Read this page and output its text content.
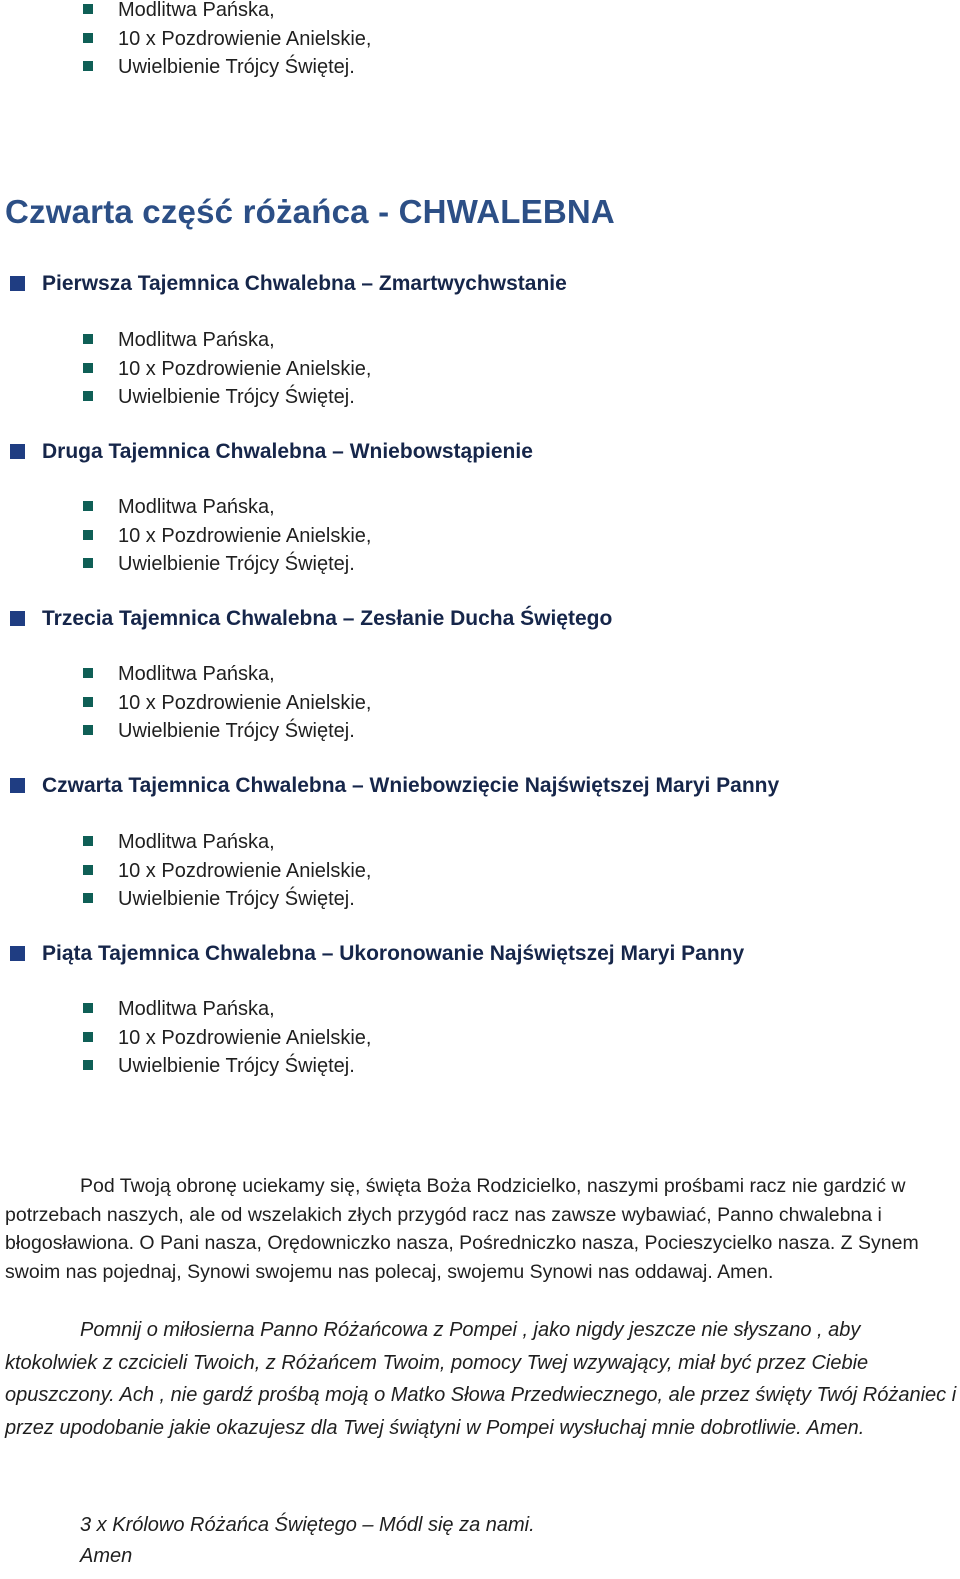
Modlitwa Pańska,
10 x Pozdrowienie Anielskie,
Uwielbienie Trójcy Świętej.
Czwarta część różańca - CHWALEBNA
Pierwsza Tajemnica Chwalebna – Zmartwychwstanie
Modlitwa Pańska,
10 x Pozdrowienie Anielskie,
Uwielbienie Trójcy Świętej.
Druga Tajemnica Chwalebna – Wniebowstąpienie
Modlitwa Pańska,
10 x Pozdrowienie Anielskie,
Uwielbienie Trójcy Świętej.
Trzecia Tajemnica Chwalebna – Zesłanie Ducha Świętego
Modlitwa Pańska,
10 x Pozdrowienie Anielskie,
Uwielbienie Trójcy Świętej.
Czwarta Tajemnica Chwalebna – Wniebowzięcie Najświętszej Maryi Panny
Modlitwa Pańska,
10 x Pozdrowienie Anielskie,
Uwielbienie Trójcy Świętej.
Piąta Tajemnica Chwalebna – Ukoronowanie Najświętszej Maryi Panny
Modlitwa Pańska,
10 x Pozdrowienie Anielskie,
Uwielbienie Trójcy Świętej.

Pod Twoją obronę uciekamy się, święta Boża Rodzicielko, naszymi prośbami racz nie gardzić w potrzebach naszych, ale od wszelakich złych przygód racz nas zawsze wybawiać, Panno chwalebna i błogosławiona. O Pani nasza, Orędowniczko nasza, Pośredniczko nasza, Pocieszycielko nasza. Z Synem swoim nas pojednaj, Synowi swojemu nas polecaj, swojemu Synowi nas oddawaj. Amen.

Pomnij o miłosierna Panno Różańcowa z Pompei , jako nigdy jeszcze nie słyszano , aby ktokolwiek z czcicieli Twoich, z Różańcem Twoim, pomocy Twej wzywający, miał być przez Ciebie opuszczony. Ach , nie gardź prośbą moją o Matko Słowa Przedwiecznego, ale przez święty Twój Różaniec i przez upodobanie jakie okazujesz dla Twej świątyni w Pompei wysłuchaj mnie dobrotliwie. Amen.

3 x Królowo Różańca Świętego – Módl się za nami.
Amen
